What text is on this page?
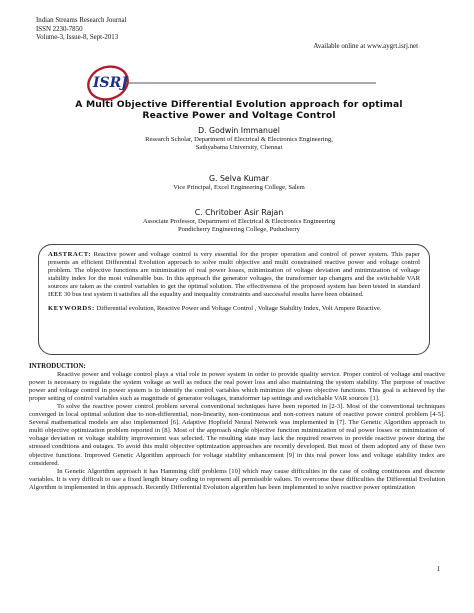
Indian Streams Research Journal
ISSN 2230-7850
Volume-3, Issue-8, Sept-2013
Available online at www.aygrt.isrj.net
ISRJ
A Multi Objective Differential Evolution approach for optimal
Reactive Power and Voltage Control
D. Godwin Immanuel
Research Scholar, Department of Electrical & Electronics Engineering,
Sathyabama University, Chennai
G. Selva Kumar
Vice Principal, Excel Engineering College, Salem
C. Chritober Asir Rajan
Associate Professor, Department of Electrical & Electronics Engineering
Pondicherry Engineering College, Puducherry

ABSTRACT: Reactive power and voltage control is very essential for the proper operation and control of power system. This paper presents an efficient Differential Evolution approach to solve multi objective and multi constrained reactive power and voltage control problem. The objective functions are minimization of real power losses, minimization of voltage deviation and minimization of voltage stability index for the most vulnerable bus. In this approach the generator voltages, the transformer tap changers and the switchable VAR sources are taken as the control variables to get the optimal solution. The effectiveness of the proposed system has been tested in standard IEEE 30 bus test system it satisfies all the equality and inequality constraints and successful results have been obtained.

KEYWORDS: Differential evolution, Reactive Power and Voltage Control , Voltage Stability Index, Volt Ampere Reactive.

INTRODUCTION:

Reactive power and voltage control plays a vital role in power system in order to provide quality service. Proper control of voltage and reactive power is necessary to regulate the system voltage as well as reduce the real power loss and also maintaining the system stability. The purpose of reactive power and voltage control in power system is to identify the control variables which minimize the given objective functions. This goal is achieved by the proper setting of control variables such as magnitude of generator voltages, transformer tap settings and switchable VAR sources [1].

To solve the reactive power control problem several conventional techniques have been reported in [2-3]. Most of the conventional techniques converged in local optimal solution due to non-differential, non-linearity, non-continuous and non-convex nature of reactive power control problem [4-5]. Several mathematical models are also implemented [6]. Adaptive Hopfield Neural Network was implemented in [7]. The Genetic Algorithm approach to multi objective optimization problem reported in [8]. Most of the approach single objective function minimization of real power losses or minimization of voltage deviation or voltage stability improvement was selected. The resulting state may lack the required reserves to provide reactive power during the stressed conditions and outages. To avoid this multi objective optimization approaches are recently developed. But most of them adopted any of these two objective functions. Improved Genetic Algorithm approach for voltage stability enhancement [9] in this real power loss and voltage stability index are considered.

In Genetic Algorithm approach it has Hamming cliff problems [10] which may cause difficulties in the case of coding continuous and discrete variables. It is very difficult to use a fixed length binary coding to represent all permissible values. To overcome these difficulties the Differential Evolution Algorithm is implemented in this approach. Recently Differential Evolution algorithm has been implemented to solve reactive power optimization

1
